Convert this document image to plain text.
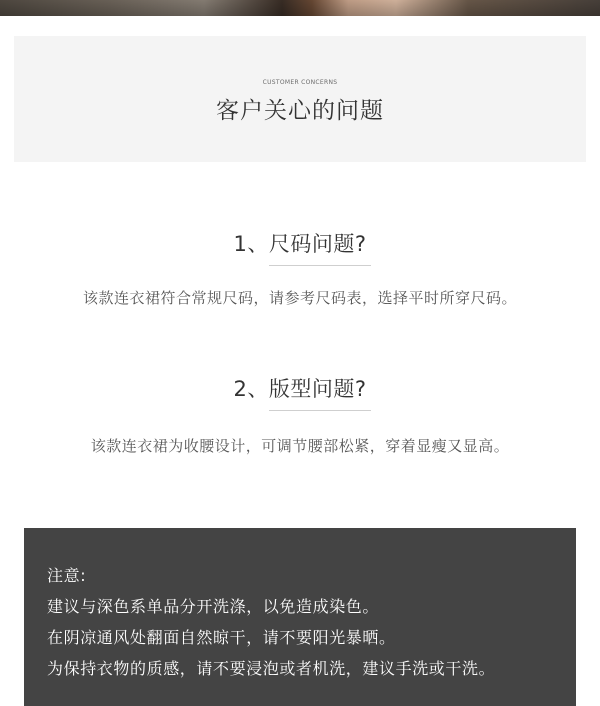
CUSTOMER CONCERNS
客户关心的问题
1、尺码问题?
该款连衣裙符合常规尺码，请参考尺码表，选择平时所穿尺码。
2、版型问题?
该款连衣裙为收腰设计，可调节腰部松紧，穿着显瘦又显高。
注意:
建议与深色系单品分开洗涤，以免造成染色。
在阴凉通风处翻面自然晾干，请不要阳光暴晒。
为保持衣物的质感，请不要浸泡或者机洗，建议手洗或干洗。
